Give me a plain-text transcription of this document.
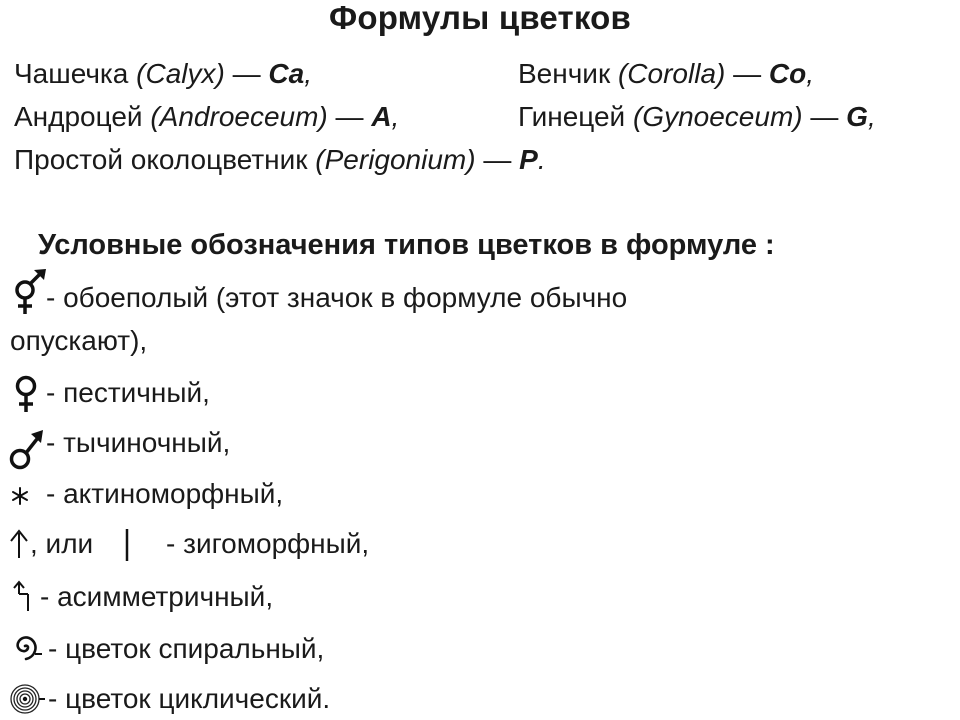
Формулы цветков
Чашечка (Calyx) — Ca,	Венчик (Corolla) — Co,
Андроцей (Androeceum) — A,	Гинецей (Gynoeceum) — G,
Простой околоцветник (Perigonium) — P.
Условные обозначения типов цветков в формуле :
- обоеполый (этот значок в формуле обычно
опускают),
- пестичный,
- тычиночный,
- актиноморфный,
, или	- зигоморфный,
- асимметричный,
- цветок спиральный,
- цветок циклический.
